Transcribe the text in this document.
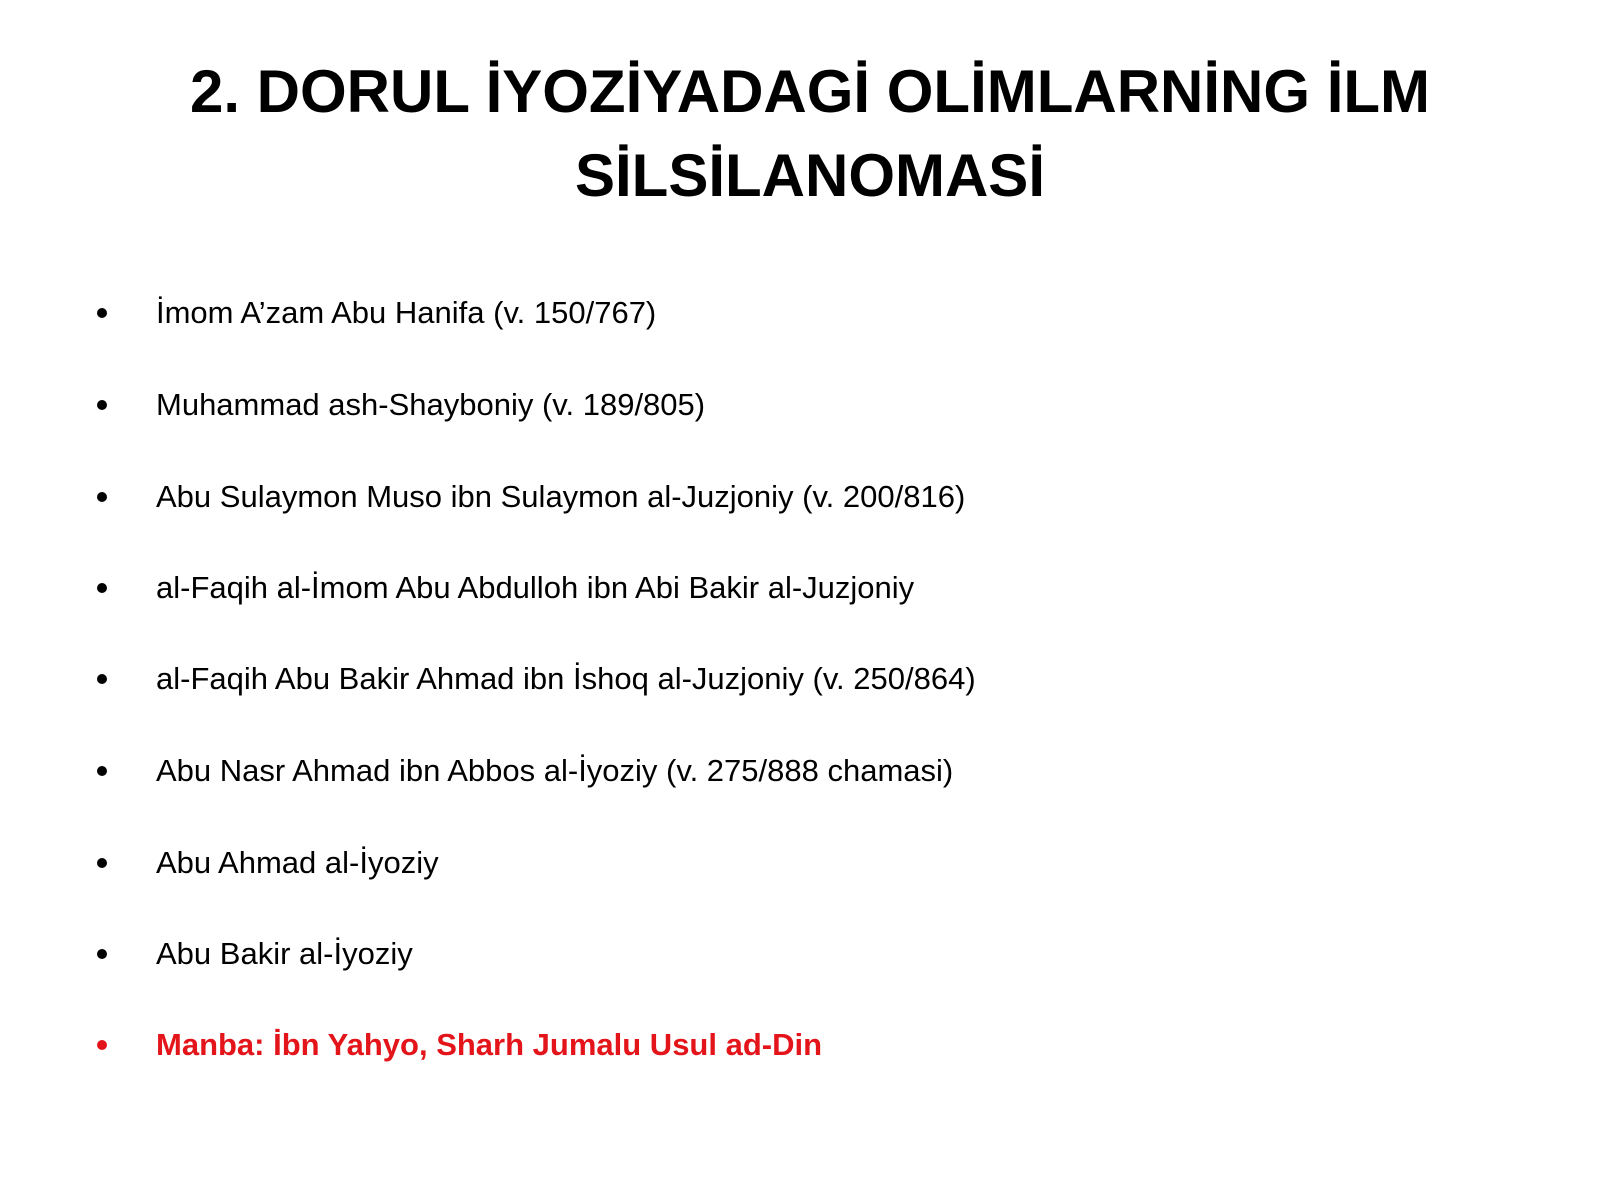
2. DORUL İYOZİYADAGİ OLİMLARNİNG İLM
SİLSİLANOMASİ
İmom A’zam Abu Hanifa (v. 150/767)
Muhammad ash-Shayboniy (v. 189/805)
Abu Sulaymon Muso ibn Sulaymon al-Juzjoniy (v. 200/816)
al-Faqih al-İmom Abu Abdulloh ibn Abi Bakir al-Juzjoniy
al-Faqih Abu Bakir Ahmad ibn İshoq al-Juzjoniy (v. 250/864)
Abu Nasr Ahmad ibn Abbos al-İyoziy (v. 275/888 chamasi)
Abu Ahmad al-İyoziy
Abu Bakir al-İyoziy
Manba: İbn Yahyo, Sharh Jumalu Usul ad-Din
